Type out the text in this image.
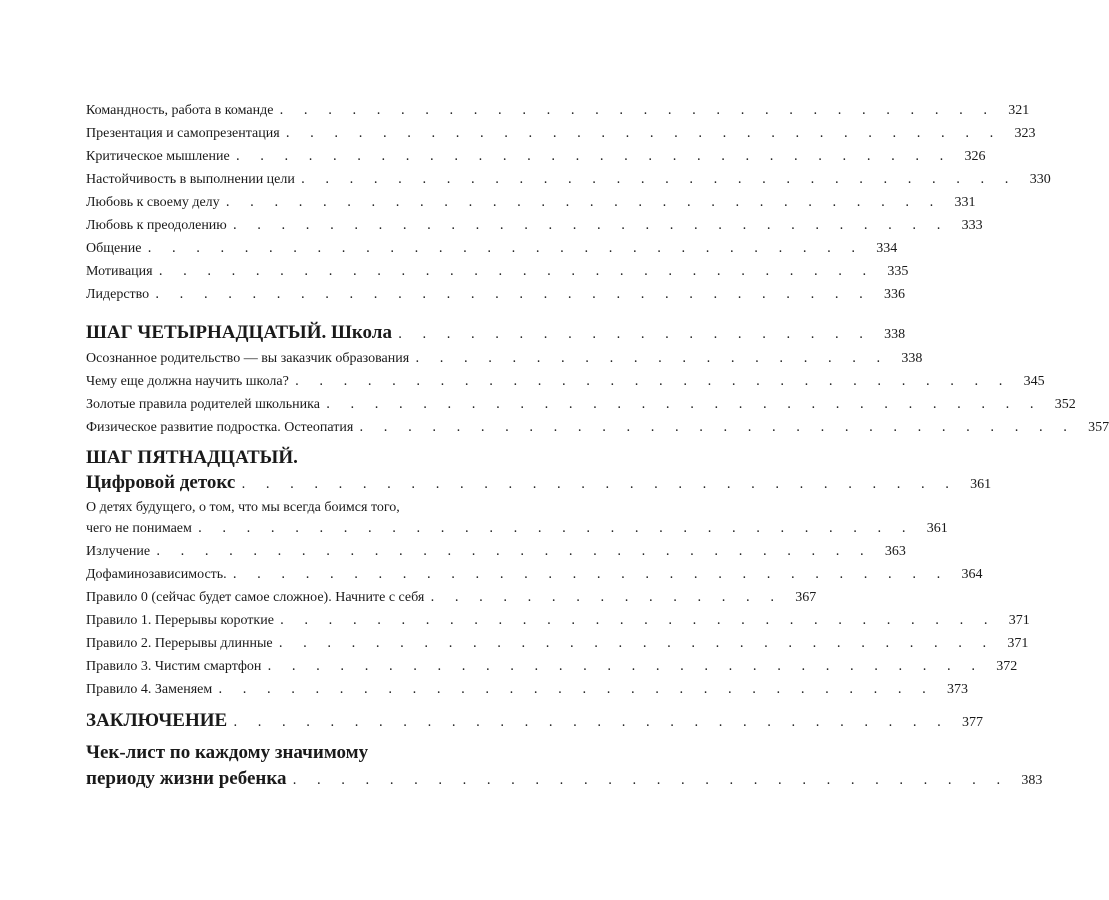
Командность, работа в команде . . . . . . . . . . . . . . . . . . . . . . . . . . . . . . 321
Презентация и самопрезентация . . . . . . . . . . . . . . . . . . . . . . . . . . . . . . 323
Критическое мышление . . . . . . . . . . . . . . . . . . . . . . . . . . . . . . 326
Настойчивость в выполнении цели . . . . . . . . . . . . . . . . . . . . . . . . . . . . . . 330
Любовь к своему делу . . . . . . . . . . . . . . . . . . . . . . . . . . . . . . 331
Любовь к преодолению . . . . . . . . . . . . . . . . . . . . . . . . . . . . . . 333
Общение . . . . . . . . . . . . . . . . . . . . . . . . . . . . . . 334
Мотивация . . . . . . . . . . . . . . . . . . . . . . . . . . . . . . 335
Лидерство . . . . . . . . . . . . . . . . . . . . . . . . . . . . . . 336
ШАГ ЧЕТЫРНАДЦАТЫЙ. Школа . . . . . . . . . . . . . . . . . . . . 338
Осознанное родительство — вы заказчик образования . . . . . . . . . . . . . . . . . . . . 338
Чему еще должна научить школа? . . . . . . . . . . . . . . . . . . . . . . . . . . . . . . 345
Золотые правила родителей школьника . . . . . . . . . . . . . . . . . . . . . . . . . . . . . . 352
Физическое развитие подростка. Остеопатия . . . . . . . . . . . . . . . . . . . . . . . . . . . . . . 357
ШАГ ПЯТНАДЦАТЫЙ.
Цифровой детокс . . . . . . . . . . . . . . . . . . . . . . . . . . . . . . 361
О детях будущего, о том, что мы всегда боимся того,
чего не понимаем . . . . . . . . . . . . . . . . . . . . . . . . . . . . . . 361
Излучение . . . . . . . . . . . . . . . . . . . . . . . . . . . . . . 363
Дофаминозависимость. . . . . . . . . . . . . . . . . . . . . . . . . . . . . . . 364
Правило 0 (сейчас будет самое сложное). Начните с себя . . . . . . . . . . . . . . . 367
Правило 1. Перерывы короткие . . . . . . . . . . . . . . . . . . . . . . . . . . . . . . 371
Правило 2. Перерывы длинные . . . . . . . . . . . . . . . . . . . . . . . . . . . . . . 371
Правило 3. Чистим смартфон . . . . . . . . . . . . . . . . . . . . . . . . . . . . . . 372
Правило 4. Заменяем . . . . . . . . . . . . . . . . . . . . . . . . . . . . . . 373
ЗАКЛЮЧЕНИЕ . . . . . . . . . . . . . . . . . . . . . . . . . . . . . . 377
Чек-лист по каждому значимому
периоду жизни ребенка . . . . . . . . . . . . . . . . . . . . . . . . . . . . . . 383
